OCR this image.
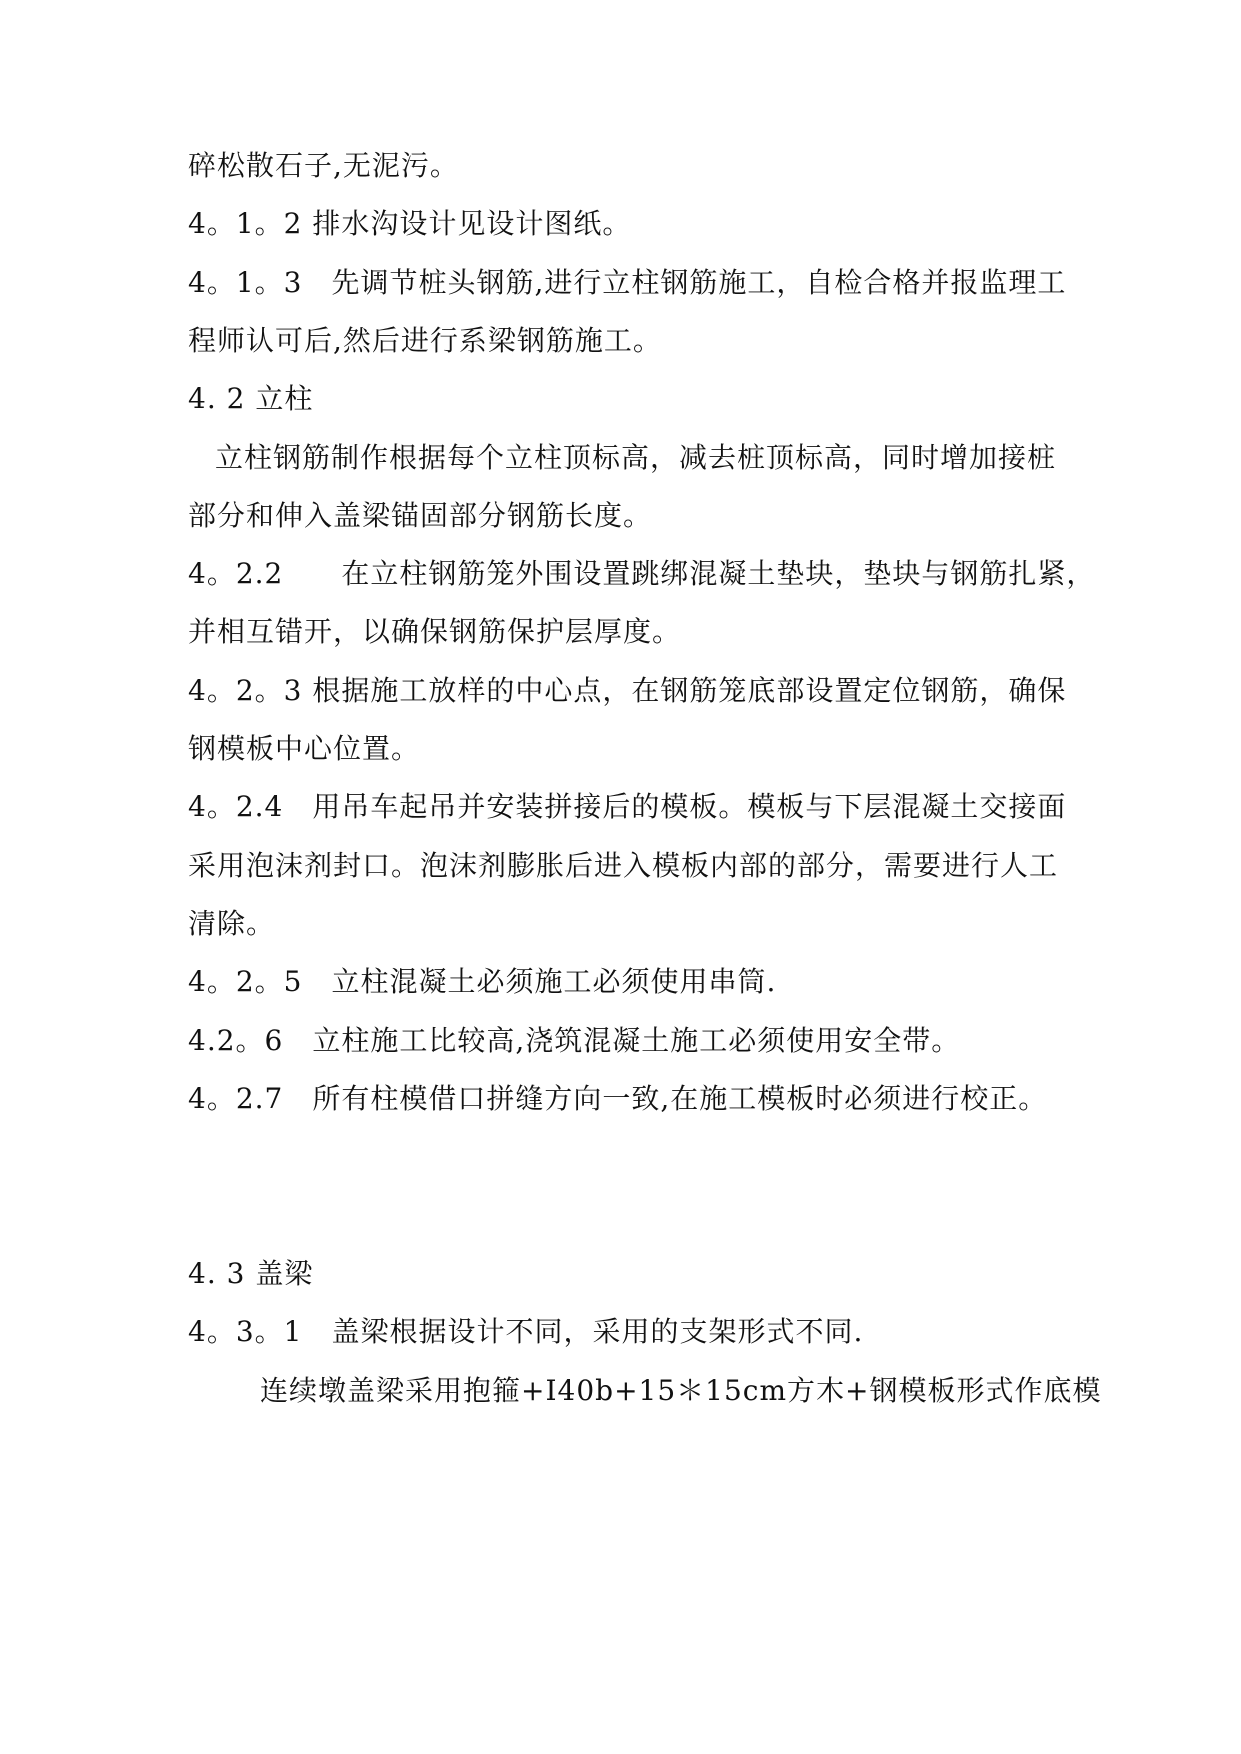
碎松散石子,无泥污。
4。1。2 排水沟设计见设计图纸。
4。1。3　先调节桩头钢筋,进行立柱钢筋施工，自检合格并报监理工
程师认可后,然后进行系梁钢筋施工。
4. 2 立柱
立柱钢筋制作根据每个立柱顶标高，减去桩顶标高，同时增加接桩
部分和伸入盖梁锚固部分钢筋长度。
4。2.2　　在立柱钢筋笼外围设置跳绑混凝土垫块，垫块与钢筋扎紧，
并相互错开，以确保钢筋保护层厚度。
4。2。3 根据施工放样的中心点，在钢筋笼底部设置定位钢筋，确保
钢模板中心位置。
4。2.4　用吊车起吊并安装拼接后的模板。模板与下层混凝土交接面
采用泡沫剂封口。泡沫剂膨胀后进入模板内部的部分，需要进行人工
清除。
4。2。5　立柱混凝土必须施工必须使用串筒.
4.2。6　立柱施工比较高,浇筑混凝土施工必须使用安全带。
4。2.7　所有柱模借口拼缝方向一致,在施工模板时必须进行校正。
4. 3 盖梁
4。3。1　盖梁根据设计不同，采用的支架形式不同.
连续墩盖梁采用抱箍+I40b+15＊15cm方木+钢模板形式作底模
